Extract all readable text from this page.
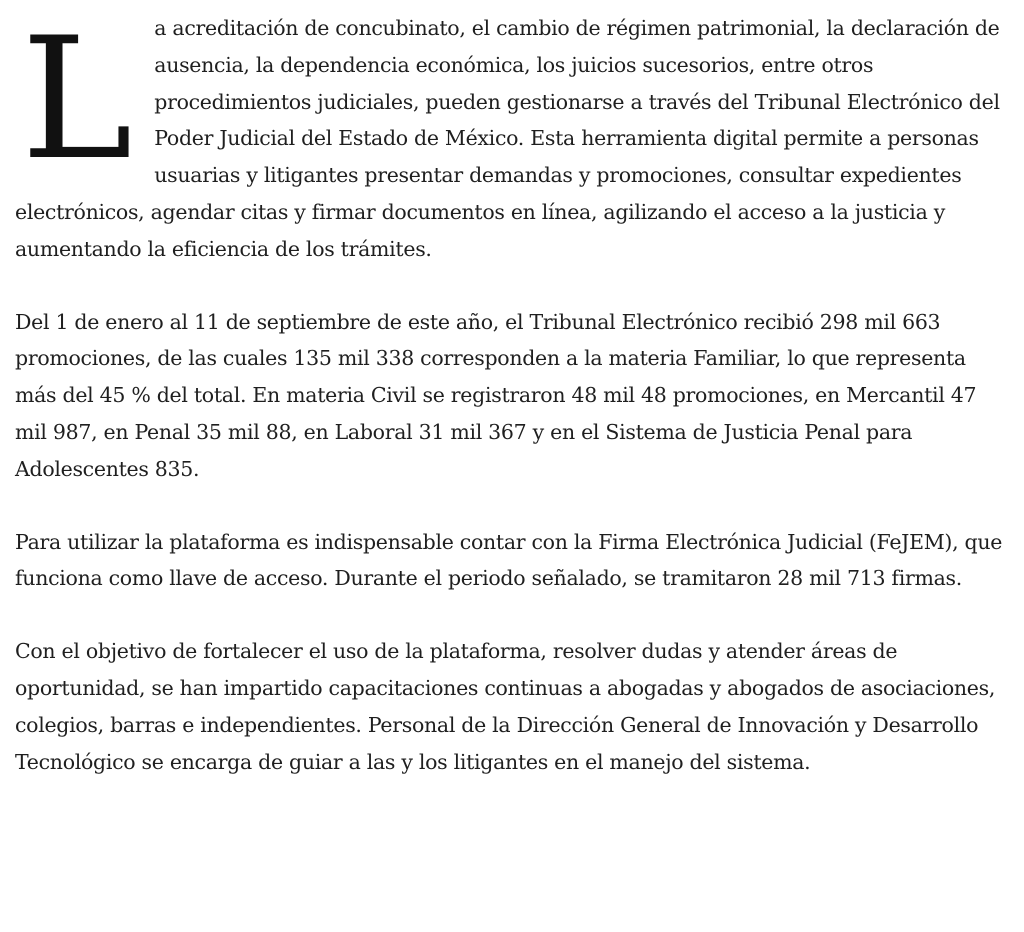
L a acreditación de concubinato, el cambio de régimen patrimonial, la declaración de ausencia, la dependencia económica, los juicios sucesorios, entre otros procedimientos judiciales, pueden gestionarse a través del Tribunal Electrónico del Poder Judicial del Estado de México. Esta herramienta digital permite a personas usuarias y litigantes presentar demandas y promociones, consultar expedientes electrónicos, agendar citas y firmar documentos en línea, agilizando el acceso a la justicia y aumentando la eficiencia de los trámites.

Del 1 de enero al 11 de septiembre de este año, el Tribunal Electrónico recibió 298 mil 663 promociones, de las cuales 135 mil 338 corresponden a la materia Familiar, lo que representa más del 45 % del total. En materia Civil se registraron 48 mil 48 promociones, en Mercantil 47 mil 987, en Penal 35 mil 88, en Laboral 31 mil 367 y en el Sistema de Justicia Penal para Adolescentes 835.

Para utilizar la plataforma es indispensable contar con la Firma Electrónica Judicial (FeJEM), que funciona como llave de acceso. Durante el periodo señalado, se tramitaron 28 mil 713 firmas.

Con el objetivo de fortalecer el uso de la plataforma, resolver dudas y atender áreas de oportunidad, se han impartido capacitaciones continuas a abogadas y abogados de asociaciones, colegios, barras e independientes. Personal de la Dirección General de Innovación y Desarrollo Tecnológico se encarga de guiar a las y los litigantes en el manejo del sistema.
